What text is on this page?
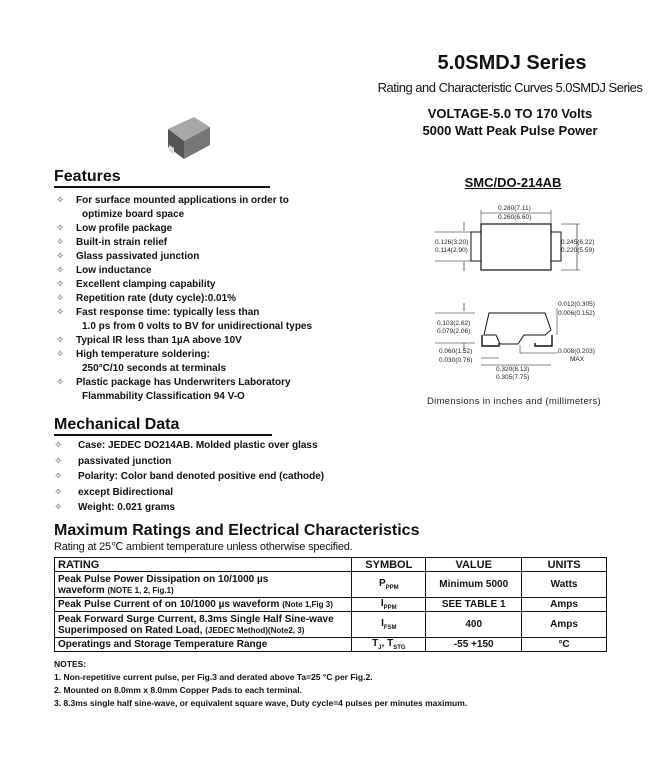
5.0SMDJ Series
Rating and Characteristic Curves 5.0SMDJ Series
VOLTAGE-5.0 TO 170 Volts
5000 Watt Peak Pulse Power
SMC/DO-214AB
Features
✧ For surface mounted applications in order to
optimize board space
✧ Low profile package
✧ Built-in strain relief
✧ Glass passivated junction
✧ Low inductance
✧ Excellent clamping capability
✧ Repetition rate (duty cycle):0.01%
✧ Fast response time: typically less than
1.0 ps from 0 volts to BV for unidirectional types
✧ Typical IR less than 1µA above 10V
✧ High temperature soldering:
250°C/10 seconds at terminals
✧ Plastic package has Underwriters Laboratory
Flammability Classification 94 V-O
Mechanical Data
✧ Case: JEDEC DO214AB. Molded plastic over glass
✧ passivated junction
✧ Polarity: Color band denoted positive end (cathode)
✧ except Bidirectional
✧ Weight: 0.021 grams
0.280(7.11)
0.260(6.60)
0.126(3.20)
0.114(2.90)
0.245(6.22)
0.220(5.59)
0.012(0.305)
0.006(0.152)
0.103(2.62)
0.079(2.06)
0.060(1.52)
0.030(0.76)
0.008(0.203)
MAX
0.320(8.13)
0.305(7.75)
Dimensions in inches and (millimeters)
Maximum Ratings and Electrical Characteristics
Rating at 25℃ ambient temperature unless otherwise specified.
RATING	SYMBOL	VALUE	UNITS
Peak Pulse Power Dissipation on 10/1000 µs
waveform (NOTE 1, 2, Fig.1)	$P_{PPM}$	Minimum 5000	Watts
Peak Pulse Current of on 10/1000 µs waveform (Note 1,Fig 3)	$I_{PPM}$	SEE TABLE 1	Amps
Peak Forward Surge Current, 8.3ms Single Half Sine-wave
Superimposed on Rated Load, (JEDEC Method)(Note2, 3)	$I_{FSM}$	400	Amps
Operatings and Storage Temperature Range	$T_J$, $T_{STG}$	-55 +150	°C
NOTES:
1. Non-repetitive current pulse, per Fig.3 and derated above Ta=25 °C per Fig.2.
2. Mounted on 8.0mm x 8.0mm Copper Pads to each terminal.
3. 8.3ms single half sine-wave, or equivalent square wave, Duty cycle=4 pulses per minutes maximum.
